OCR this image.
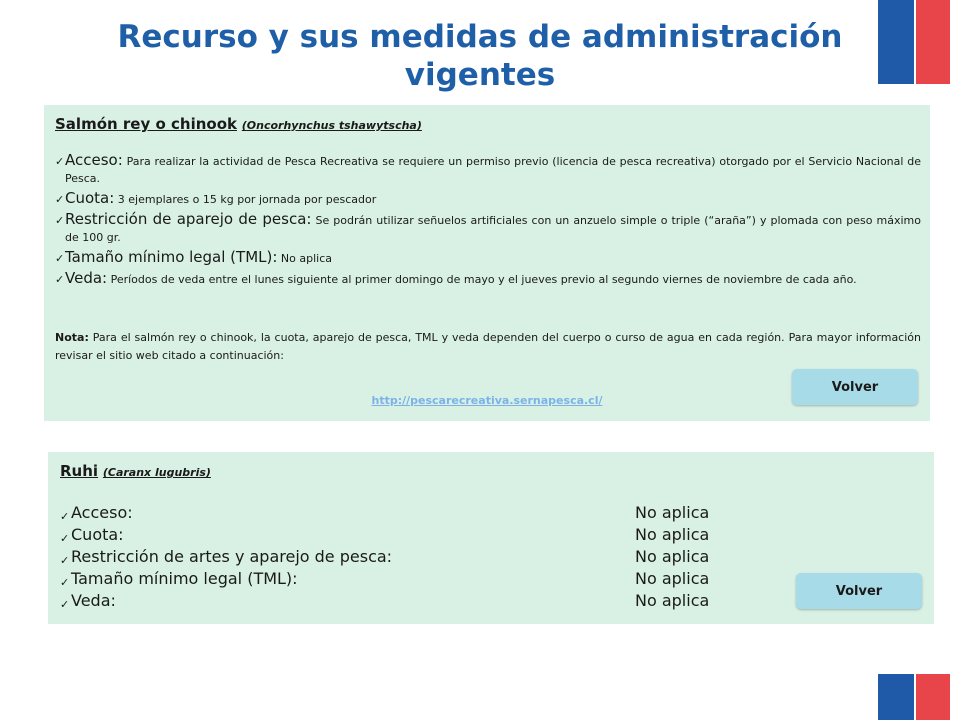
Recurso y sus medidas de administración vigentes
Salmón rey o chinook (Oncorhynchus tshawytscha)
✓ Acceso: Para realizar la actividad de Pesca Recreativa se requiere un permiso previo (licencia de pesca recreativa) otorgado por el Servicio Nacional de Pesca.
✓ Cuota: 3 ejemplares o 15 kg por jornada por pescador
✓ Restricción de aparejo de pesca: Se podrán utilizar señuelos artificiales con un anzuelo simple o triple (“araña”) y plomada con peso máximo de 100 gr.
✓ Tamaño mínimo legal (TML): No aplica
✓ Veda: Períodos de veda entre el lunes siguiente al primer domingo de mayo y el jueves previo al segundo viernes de noviembre de cada año.
Nota: Para el salmón rey o chinook, la cuota, aparejo de pesca, TML y veda dependen del cuerpo o curso de agua en cada región. Para mayor información revisar el sitio web citado a continuación:
Volver
http://pescarecreativa.sernapesca.cl/
Ruhi (Caranx lugubris)
✓ Acceso:	No aplica
✓ Cuota:	No aplica
✓ Restricción de artes y aparejo de pesca:	No aplica
✓ Tamaño mínimo legal (TML):	No aplica
✓ Veda:	No aplica	Volver
